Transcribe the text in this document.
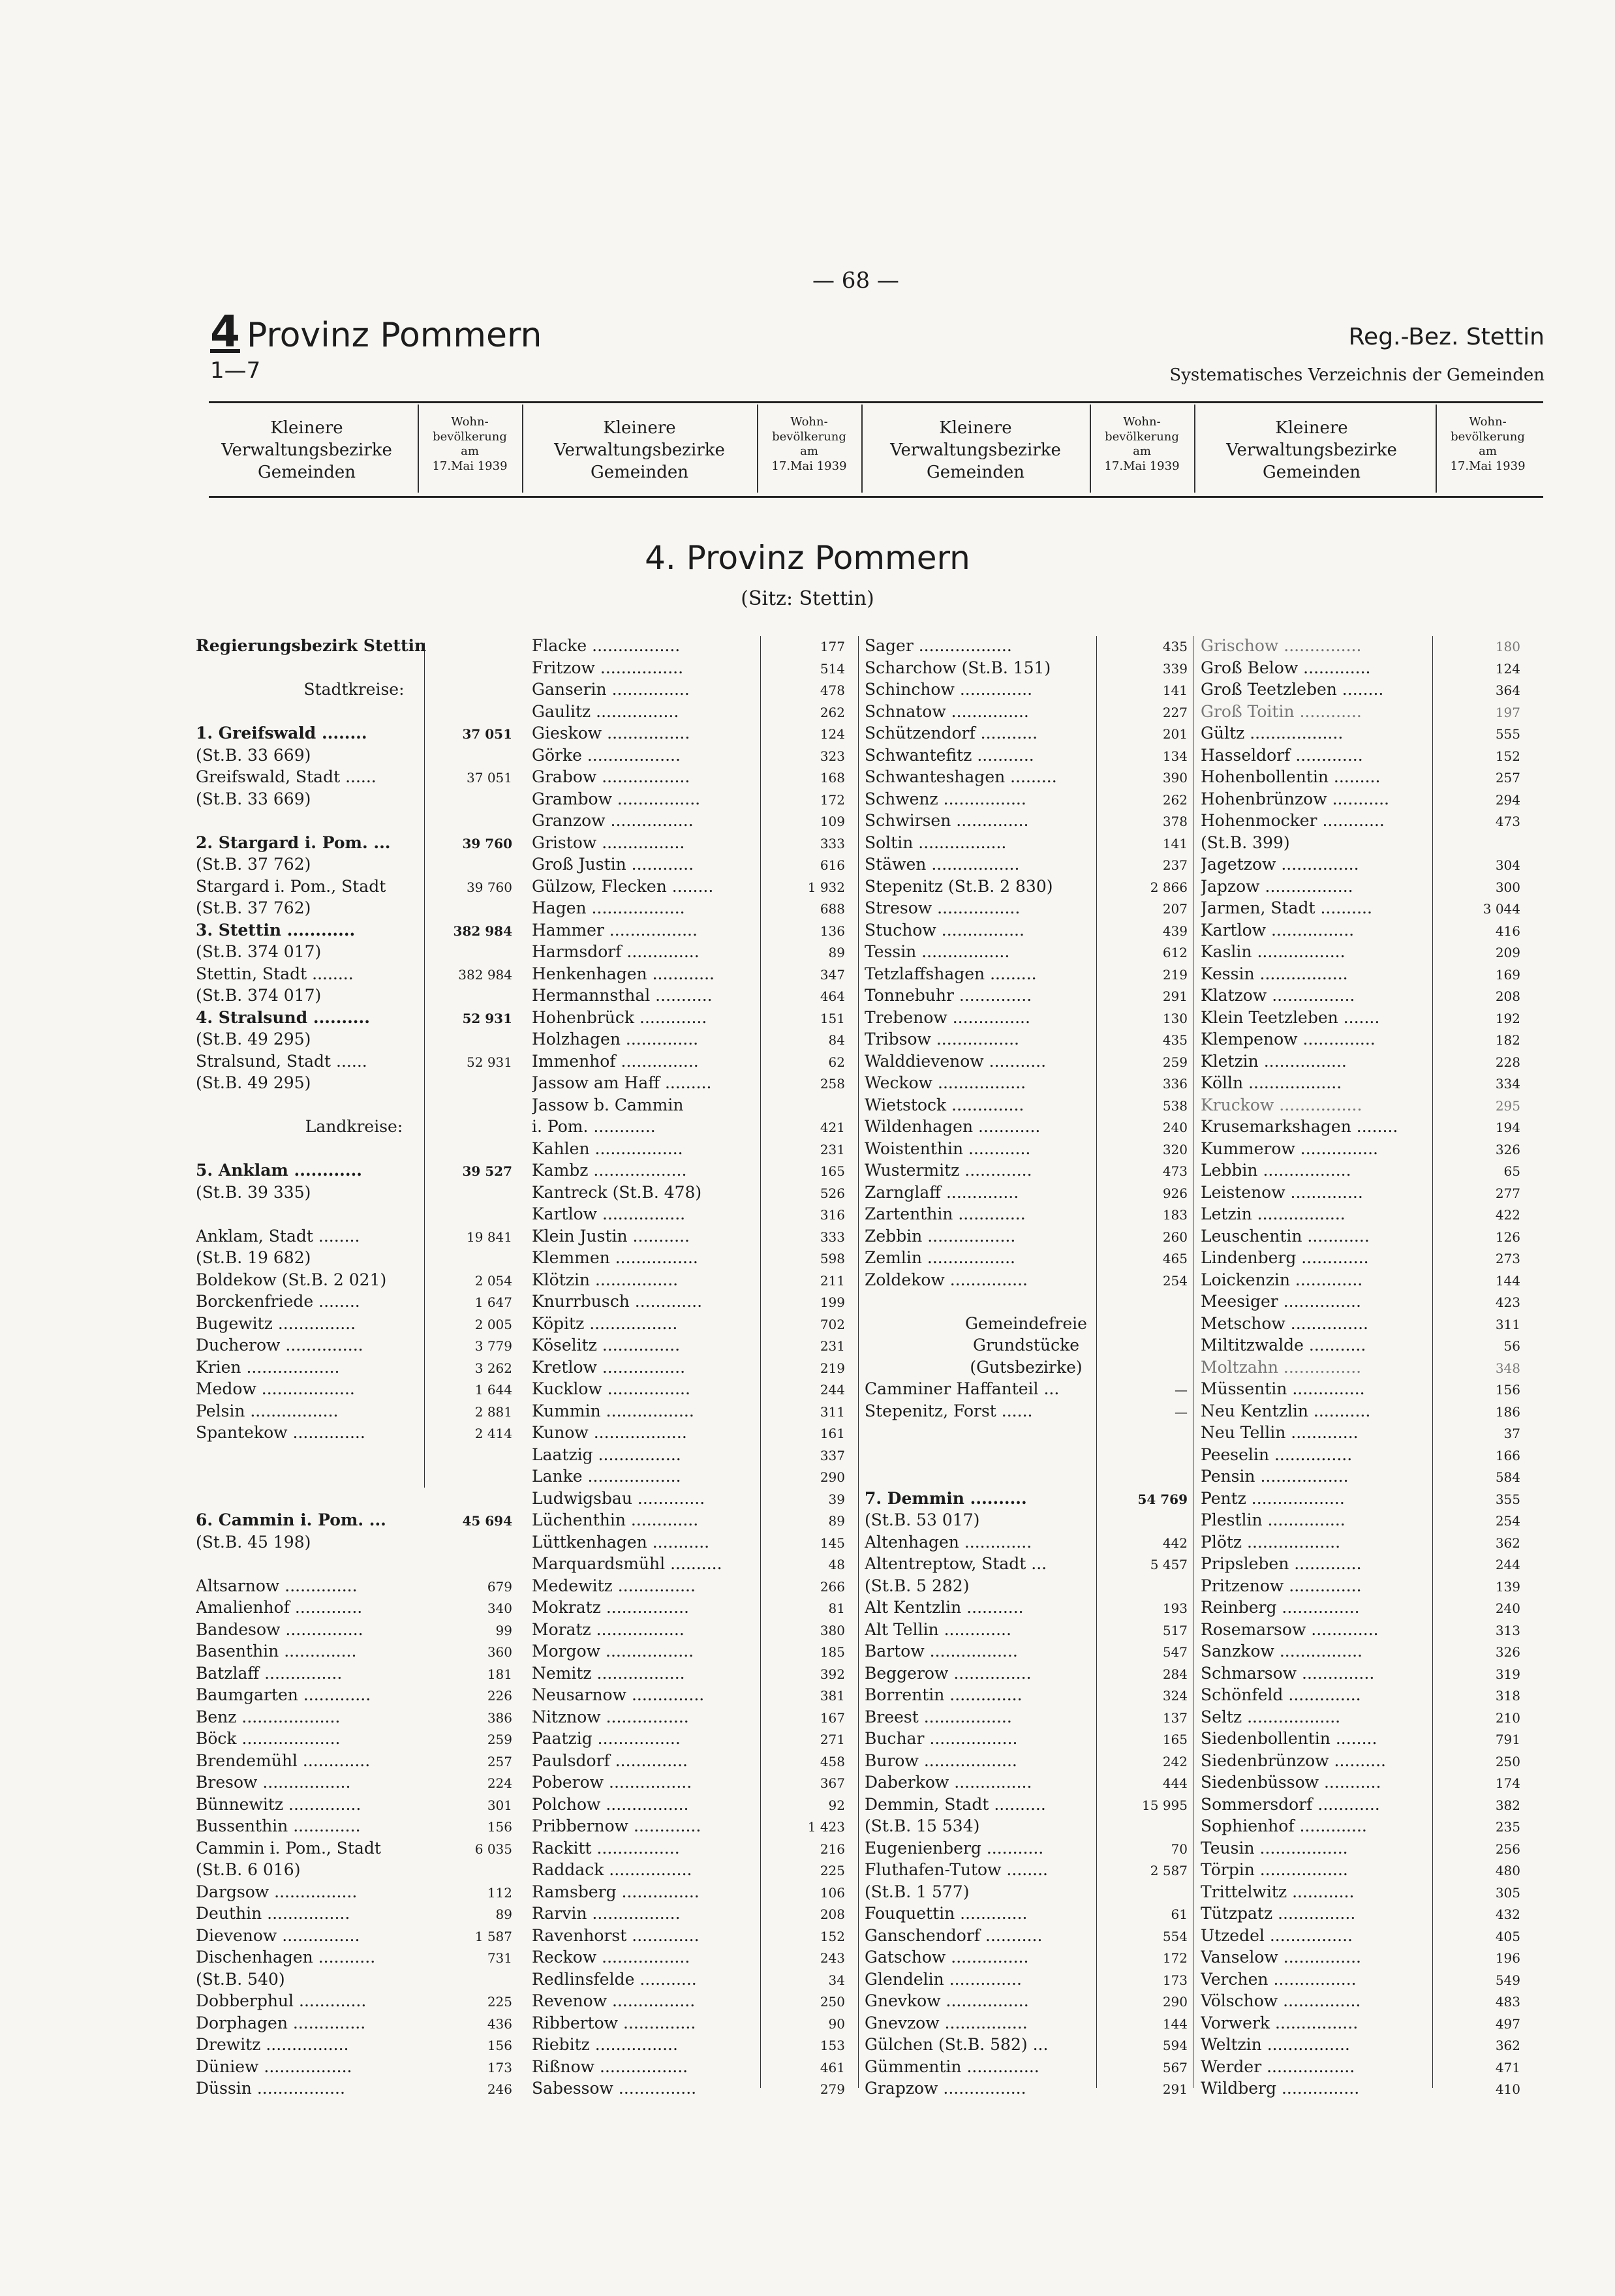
— 68 —
4 Provinz Pommern
1—7
Reg.-Bez. Stettin
Systematisches Verzeichnis der Gemeinden
Kleinere
Verwaltungsbezirke
Gemeinden
Wohn-
bevölkerung
am
17.Mai 1939
Kleinere
Verwaltungsbezirke
Gemeinden
Wohn-
bevölkerung
am
17.Mai 1939
Kleinere
Verwaltungsbezirke
Gemeinden
Wohn-
bevölkerung
am
17.Mai 1939
Kleinere
Verwaltungsbezirke
Gemeinden
Wohn-
bevölkerung
am
17.Mai 1939
4. Provinz Pommern
(Sitz: Stettin)
Regierungsbezirk Stettin
Stadtkreise:
1. Greifswald ........	37 051
(St.B. 33 669)
Greifswald, Stadt ......	37 051
(St.B. 33 669)
2. Stargard i. Pom. ...	39 760
(St.B. 37 762)
Stargard i. Pom., Stadt	39 760
(St.B. 37 762)
3. Stettin ............	382 984
(St.B. 374 017)
Stettin, Stadt ........	382 984
(St.B. 374 017)
4. Stralsund ..........	52 931
(St.B. 49 295)
Stralsund, Stadt ......	52 931
(St.B. 49 295)
Landkreise:
5. Anklam ............	39 527
(St.B. 39 335)
Anklam, Stadt ........	19 841
(St.B. 19 682)
Boldekow (St.B. 2 021)	2 054
Borckenfriede ........	1 647
Bugewitz ...............	2 005
Ducherow ...............	3 779
Krien ..................	3 262
Medow ..................	1 644
Pelsin .................	2 881
Spantekow ..............	2 414
6. Cammin i. Pom. ...	45 694
(St.B. 45 198)
Altsarnow ..............	679
Amalienhof .............	340
Bandesow ...............	99
Basenthin ..............	360
Batzlaff ...............	181
Baumgarten .............	226
Benz ...................	386
Böck ...................	259
Brendemühl .............	257
Bresow .................	224
Bünnewitz ..............	301
Bussenthin .............	156
Cammin i. Pom., Stadt	6 035
(St.B. 6 016)
Dargsow ................	112
Deuthin ................	89
Dievenow ...............	1 587
Dischenhagen ...........	731
(St.B. 540)
Dobberphul .............	225
Dorphagen ..............	436
Drewitz ................	156
Düniew .................	173
Düssin .................	246
Flacke .................	177
Fritzow ................	514
Ganserin ...............	478
Gaulitz ................	262
Gieskow ................	124
Görke ..................	323
Grabow .................	168
Grambow ................	172
Granzow ................	109
Gristow ................	333
Groß Justin ............	616
Gülzow, Flecken ........	1 932
Hagen ..................	688
Hammer .................	136
Harmsdorf ..............	89
Henkenhagen ............	347
Hermannsthal ...........	464
Hohenbrück .............	151
Holzhagen ..............	84
Immenhof ...............	62
Jassow am Haff .........	258
Jassow b. Cammin
i. Pom. ............	421
Kahlen .................	231
Kambz ..................	165
Kantreck (St.B. 478)	526
Kartlow ................	316
Klein Justin ...........	333
Klemmen ................	598
Klötzin ................	211
Knurrbusch .............	199
Köpitz .................	702
Köselitz ...............	231
Kretlow ................	219
Kucklow ................	244
Kummin .................	311
Kunow ..................	161
Laatzig ................	337
Lanke ..................	290
Ludwigsbau .............	39
Lüchenthin .............	89
Lüttkenhagen ...........	145
Marquardsmühl ..........	48
Medewitz ...............	266
Mokratz ................	81
Moratz .................	380
Morgow .................	185
Nemitz .................	392
Neusarnow ..............	381
Nitznow ................	167
Paatzig ................	271
Paulsdorf ..............	458
Poberow ................	367
Polchow ................	92
Pribbernow .............	1 423
Rackitt ................	216
Raddack ................	225
Ramsberg ...............	106
Rarvin .................	208
Ravenhorst .............	152
Reckow .................	243
Redlinsfelde ...........	34
Revenow ................	250
Ribbertow ..............	90
Riebitz ................	153
Rißnow .................	461
Sabessow ...............	279
Sager ..................	435
Scharchow (St.B. 151)	339
Schinchow ..............	141
Schnatow ...............	227
Schützendorf ...........	201
Schwantefitz ...........	134
Schwanteshagen .........	390
Schwenz ................	262
Schwirsen ..............	378
Soltin .................	141
Stäwen .................	237
Stepenitz (St.B. 2 830)	2 866
Stresow ................	207
Stuchow ................	439
Tessin .................	612
Tetzlaffshagen .........	219
Tonnebuhr ..............	291
Trebenow ...............	130
Tribsow ................	435
Walddievenow ...........	259
Weckow .................	336
Wietstock ..............	538
Wildenhagen ............	240
Woistenthin ............	320
Wustermitz .............	473
Zarnglaff ..............	926
Zartenthin .............	183
Zebbin .................	260
Zemlin .................	465
Zoldekow ...............	254
Gemeindefreie
Grundstücke
(Gutsbezirke)
Camminer Haffanteil ...	—
Stepenitz, Forst ......	—
7. Demmin ..........	54 769
(St.B. 53 017)
Altenhagen .............	442
Altentreptow, Stadt ...	5 457
(St.B. 5 282)
Alt Kentzlin ...........	193
Alt Tellin .............	517
Bartow .................	547
Beggerow ...............	284
Borrentin ..............	324
Breest .................	137
Buchar .................	165
Burow ..................	242
Daberkow ...............	444
Demmin, Stadt ..........	15 995
(St.B. 15 534)
Eugenienberg ...........	70
Fluthafen-Tutow ........	2 587
(St.B. 1 577)
Fouquettin .............	61
Ganschendorf ...........	554
Gatschow ...............	172
Glendelin ..............	173
Gnevkow ................	290
Gnevzow ................	144
Gülchen (St.B. 582) ...	594
Gümmentin ..............	567
Grapzow ................	291
Grischow ...............	180
Groß Below .............	124
Groß Teetzleben ........	364
Groß Toitin ............	197
Gültz ..................	555
Hasseldorf .............	152
Hohenbollentin .........	257
Hohenbrünzow ...........	294
Hohenmocker ............	473
(St.B. 399)
Jagetzow ...............	304
Japzow .................	300
Jarmen, Stadt ..........	3 044
Kartlow ................	416
Kaslin .................	209
Kessin .................	169
Klatzow ................	208
Klein Teetzleben .......	192
Klempenow ..............	182
Kletzin ................	228
Kölln ..................	334
Kruckow ................	295
Krusemarkshagen ........	194
Kummerow ...............	326
Lebbin .................	65
Leistenow ..............	277
Letzin .................	422
Leuschentin ............	126
Lindenberg .............	273
Loickenzin .............	144
Meesiger ...............	423
Metschow ...............	311
Miltitzwalde ...........	56
Moltzahn ...............	348
Müssentin ..............	156
Neu Kentzlin ...........	186
Neu Tellin .............	37
Peeselin ...............	166
Pensin .................	584
Pentz ..................	355
Plestlin ...............	254
Plötz ..................	362
Pripsleben .............	244
Pritzenow ..............	139
Reinberg ...............	240
Rosemarsow .............	313
Sanzkow ................	326
Schmarsow ..............	319
Schönfeld ..............	318
Seltz ..................	210
Siedenbollentin ........	791
Siedenbrünzow ..........	250
Siedenbüssow ...........	174
Sommersdorf ............	382
Sophienhof .............	235
Teusin .................	256
Törpin .................	480
Trittelwitz ............	305
Tützpatz ...............	432
Utzedel ................	405
Vanselow ...............	196
Verchen ................	549
Völschow ...............	483
Vorwerk ................	497
Weltzin ................	362
Werder .................	471
Wildberg ...............	410
